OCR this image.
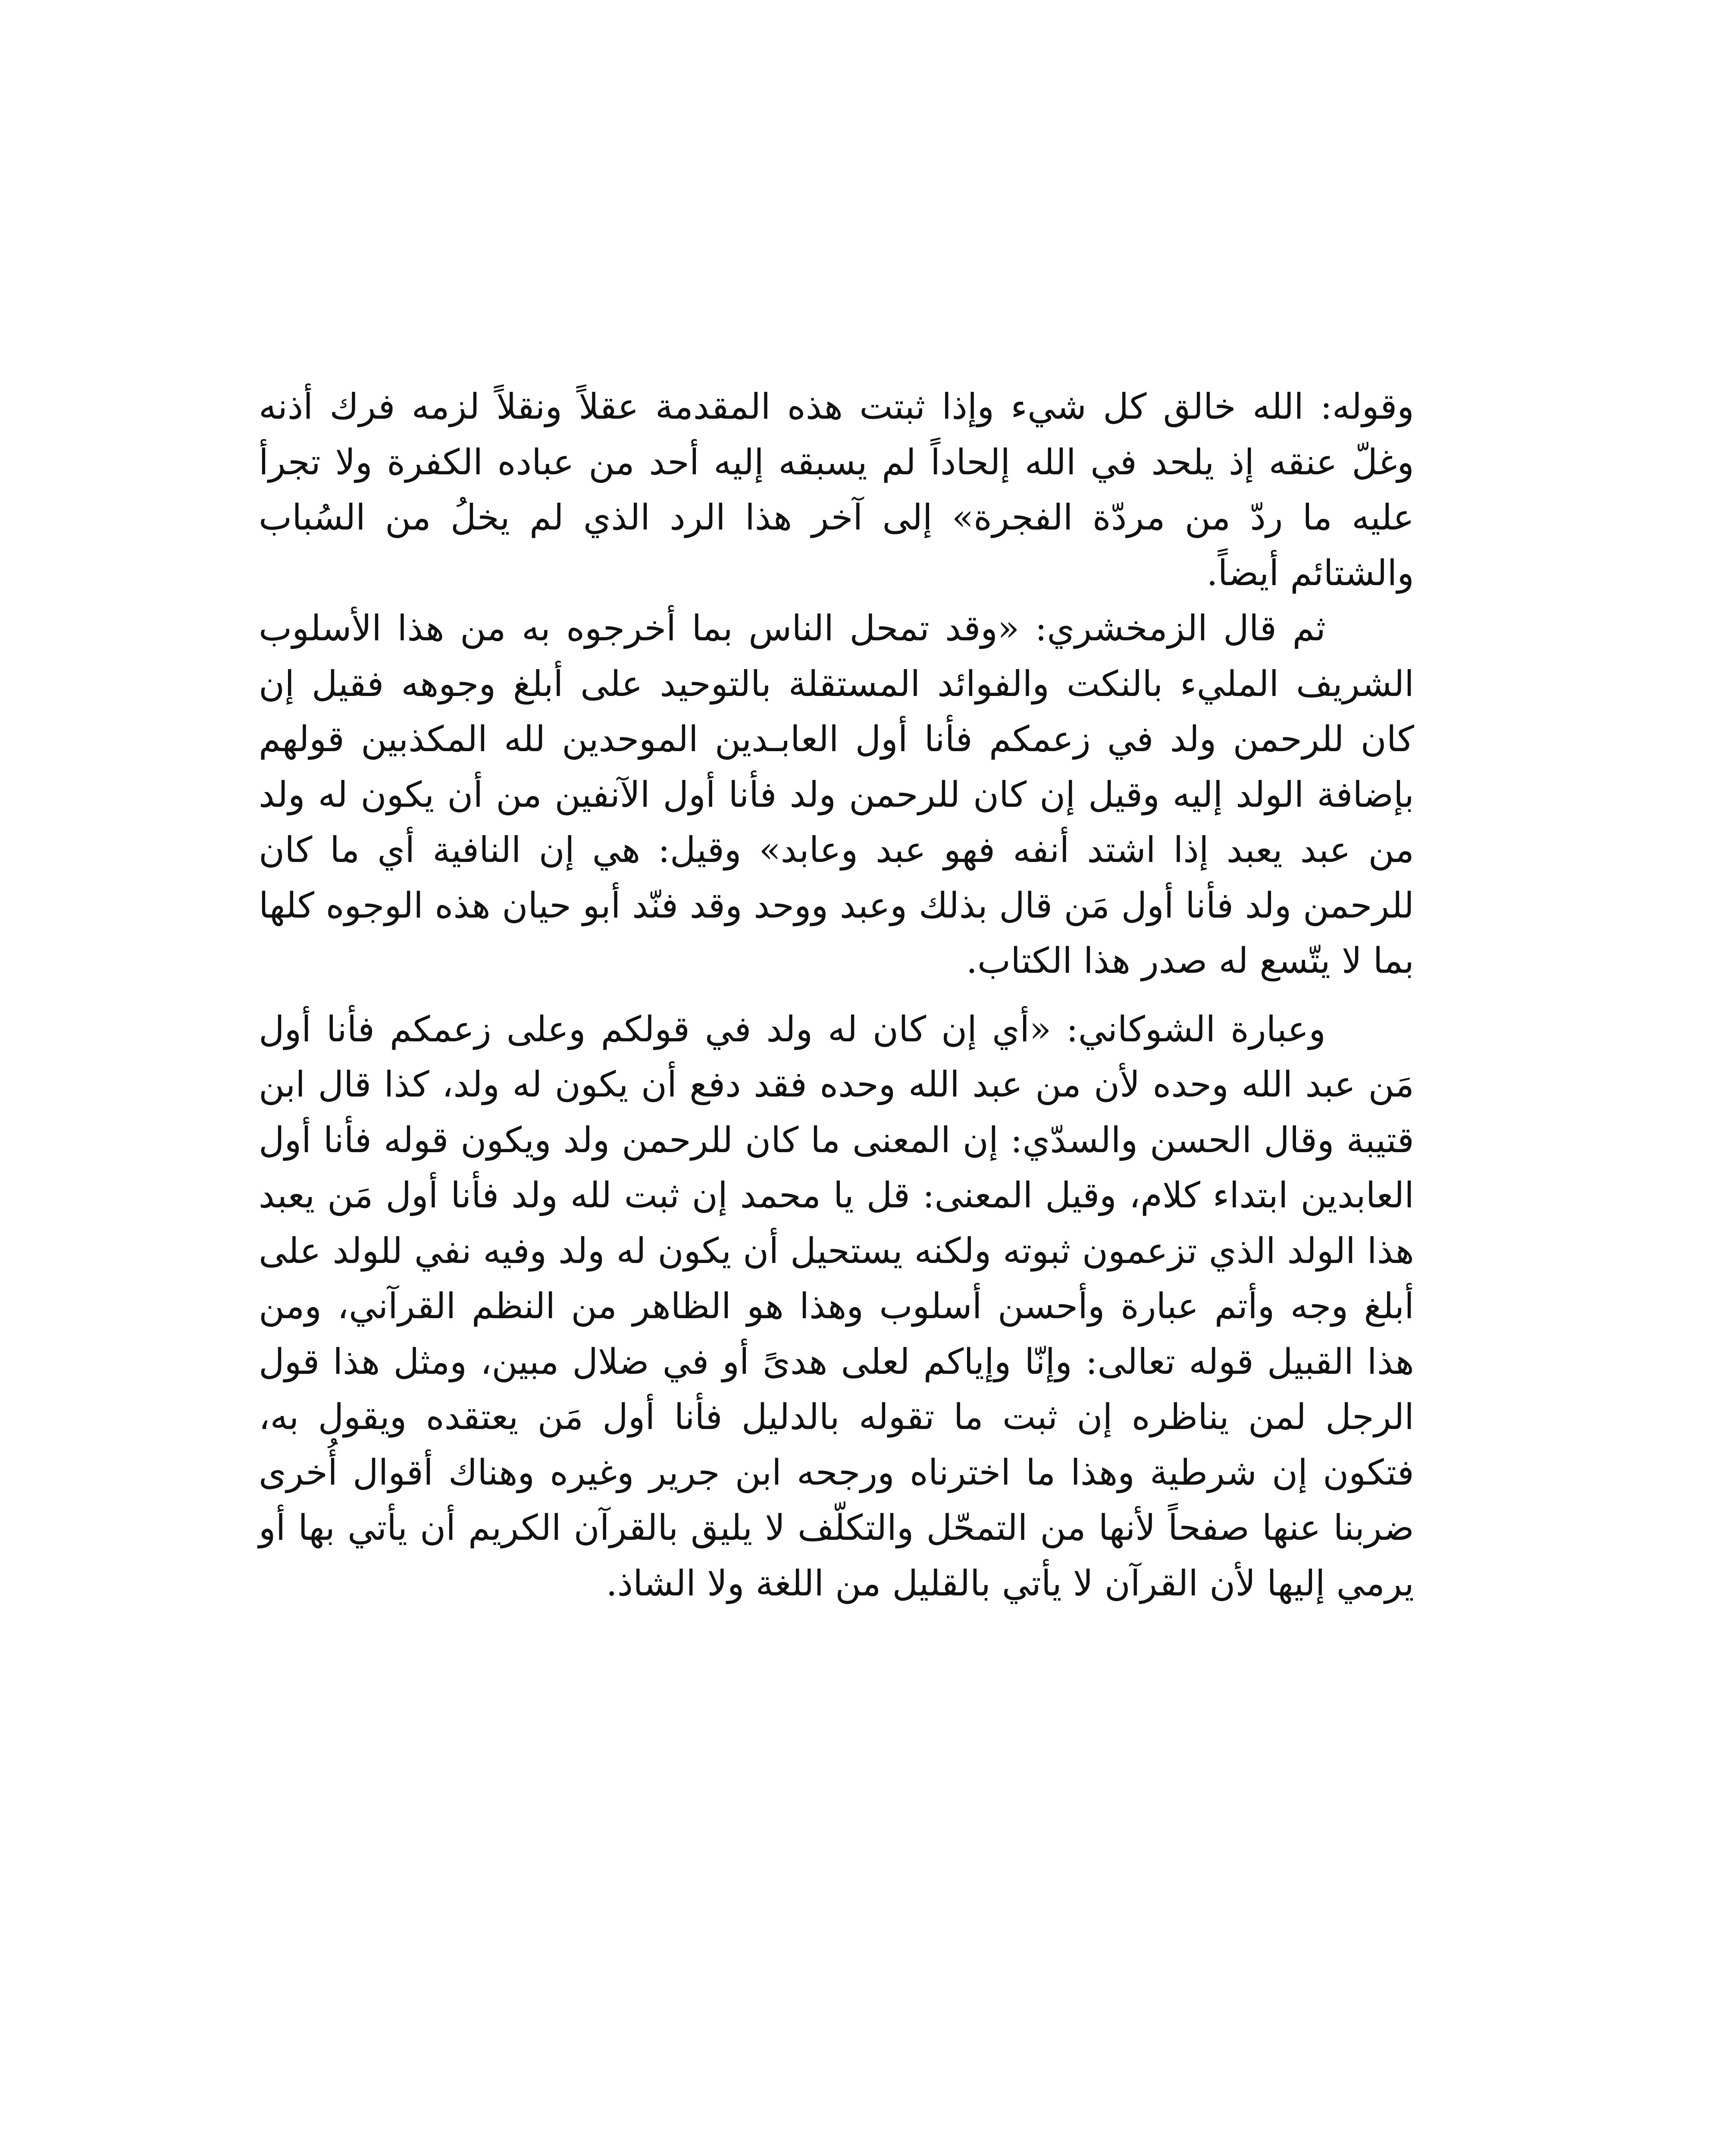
وقوله: الله خالق كل شيء وإذا ثبتت هذه المقدمة عقلاً ونقلاً لزمه فرك أذنه وغلّ عنقه إذ يلحد في الله إلحاداً لم يسبقه إليه أحد من عباده الكفرة ولا تجرأ عليه ما ردّ من مردّة الفجرة» إلى آخر هذا الرد الذي لم يخلُ من السُباب والشتائم أيضاً.

ثم قال الزمخشري: «وقد تمحل الناس بما أخرجوه به من هذا الأسلوب الشريف المليء بالنكت والفوائد المستقلة بالتوحيد على أبلغ وجوهه فقيل إن كان للرحمن ولد في زعمكم فأنا أول العابـدين الموحدين لله المكذبين قولهم بإضافة الولد إليه وقيل إن كان للرحمن ولد فأنا أول الآنفين من أن يكون له ولد من عبد يعبد إذا اشتد أنفه فهو عبد وعابد» وقيل: هي إن النافية أي ما كان للرحمن ولد فأنا أول مَن قال بذلك وعبد ووحد وقد فنّد أبو حيان هذه الوجوه كلها بما لا يتّسع له صدر هذا الكتاب.

وعبارة الشوكاني: «أي إن كان له ولد في قولكم وعلى زعمكم فأنا أول مَن عبد الله وحده لأن من عبد الله وحده فقد دفع أن يكون له ولد، كذا قال ابن قتيبة وقال الحسن والسدّي: إن المعنى ما كان للرحمن ولد ويكون قوله فأنا أول العابدين ابتداء كلام، وقيل المعنى: قل يا محمد إن ثبت لله ولد فأنا أول مَن يعبد هذا الولد الذي تزعمون ثبوته ولكنه يستحيل أن يكون له ولد وفيه نفي للولد على أبلغ وجه وأتم عبارة وأحسن أسلوب وهذا هو الظاهر من النظم القرآني، ومن هذا القبيل قوله تعالى: وإنّا وإياكم لعلى هدىً أو في ضلال مبين، ومثل هذا قول الرجل لمن يناظره إن ثبت ما تقوله بالدليل فأنا أول مَن يعتقده ويقول به، فتكون إن شرطية وهذا ما اخترناه ورجحه ابن جرير وغيره وهناك أقوال أُخرى ضربنا عنها صفحاً لأنها من التمحّل والتكلّف لا يليق بالقرآن الكريم أن يأتي بها أو يرمي إليها لأن القرآن لا يأتي بالقليل من اللغة ولا الشاذ.
